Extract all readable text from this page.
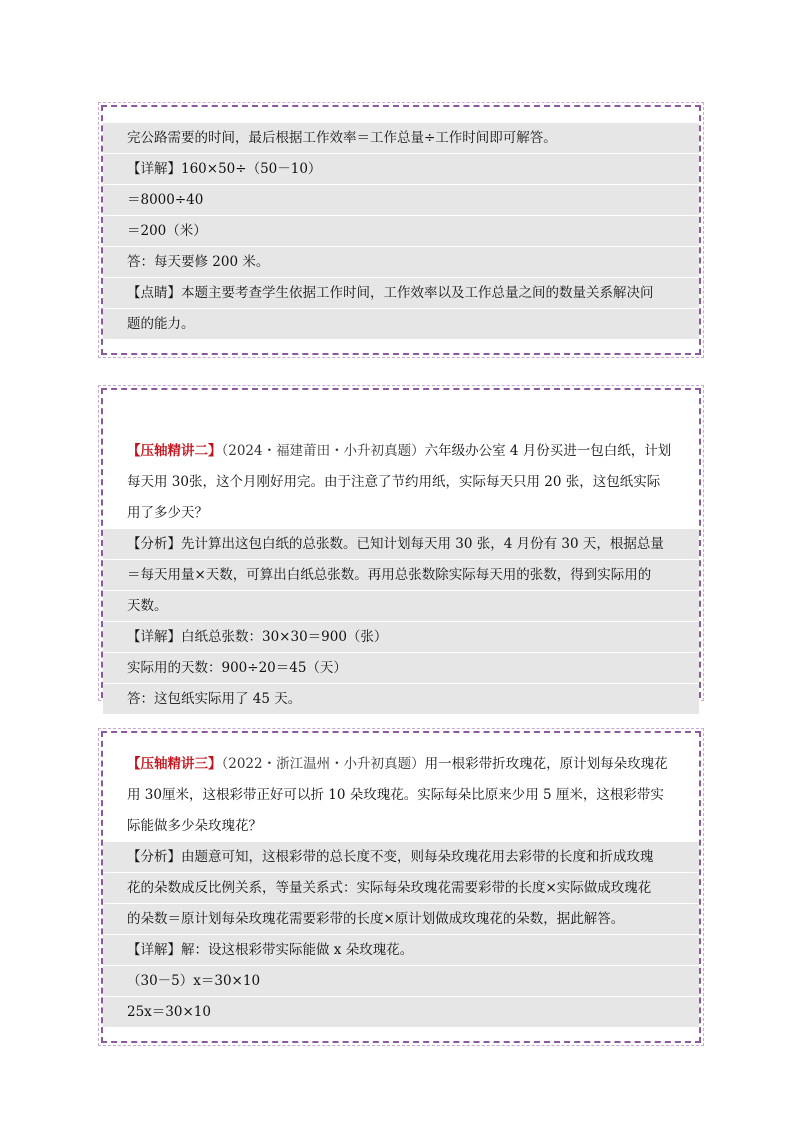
完公路需要的时间，最后根据工作效率＝工作总量÷工作时间即可解答。
【详解】160×50÷（50－10）
＝8000÷40
＝200（米）
答：每天要修 200 米。
【点睛】本题主要考查学生依据工作时间，工作效率以及工作总量之间的数量关系解决问
题的能力。
【压轴精讲二】（2024・福建莆田・小升初真题）六年级办公室 4 月份买进一包白纸，计划
每天用 30张，这个月刚好用完。由于注意了节约用纸，实际每天只用 20 张，这包纸实际
用了多少天？
【分析】先计算出这包白纸的总张数。已知计划每天用 30 张，4 月份有 30 天，根据总量
＝每天用量×天数，可算出白纸总张数。再用总张数除实际每天用的张数，得到实际用的
天数。
【详解】白纸总张数：30×30＝900（张）
实际用的天数：900÷20＝45（天）
答：这包纸实际用了 45 天。
【压轴精讲三】（2022・浙江温州・小升初真题）用一根彩带折玫瑰花，原计划每朵玫瑰花
用 30厘米，这根彩带正好可以折 10 朵玫瑰花。实际每朵比原来少用 5 厘米，这根彩带实
际能做多少朵玫瑰花？
【分析】由题意可知，这根彩带的总长度不变，则每朵玫瑰花用去彩带的长度和折成玫瑰
花的朵数成反比例关系，等量关系式：实际每朵玫瑰花需要彩带的长度×实际做成玫瑰花
的朵数＝原计划每朵玫瑰花需要彩带的长度×原计划做成玫瑰花的朵数，据此解答。
【详解】解：设这根彩带实际能做 x 朵玫瑰花。
（30－5）x＝30×10
25x＝30×10
